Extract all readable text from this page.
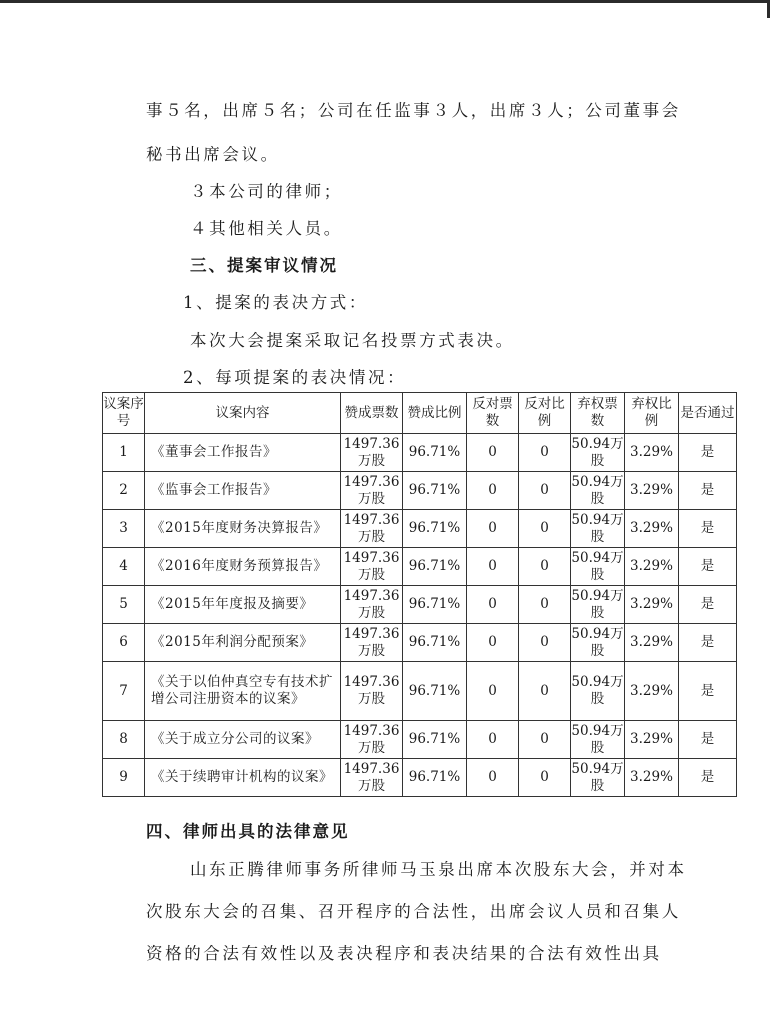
事５名，出席５名；公司在任监事３人，出席３人；公司董事会
秘书出席会议。
３本公司的律师；
４其他相关人员。
三、提案审议情况
1、提案的表决方式：
本次大会提案采取记名投票方式表决。
2、每项提案的表决情况：
议案序号	议案内容	赞成票数	赞成比例	反对票数	反对比例	弃权票数	弃权比例	是否通过
1	《董事会工作报告》	1497.36万股	96.71%	0	0	50.94万股	3.29%	是
2	《监事会工作报告》	1497.36万股	96.71%	0	0	50.94万股	3.29%	是
3	《2015年度财务决算报告》	1497.36万股	96.71%	0	0	50.94万股	3.29%	是
4	《2016年度财务预算报告》	1497.36万股	96.71%	0	0	50.94万股	3.29%	是
5	《2015年年度报及摘要》	1497.36万股	96.71%	0	0	50.94万股	3.29%	是
6	《2015年利润分配预案》	1497.36万股	96.71%	0	0	50.94万股	3.29%	是
7	《关于以伯仲真空专有技术扩增公司注册资本的议案》	1497.36万股	96.71%	0	0	50.94万股	3.29%	是
8	《关于成立分公司的议案》	1497.36万股	96.71%	0	0	50.94万股	3.29%	是
9	《关于续聘审计机构的议案》	1497.36万股	96.71%	0	0	50.94万股	3.29%	是
四、律师出具的法律意见
山东正腾律师事务所律师马玉泉出席本次股东大会，并对本
次股东大会的召集、召开程序的合法性，出席会议人员和召集人
资格的合法有效性以及表决程序和表决结果的合法有效性出具
